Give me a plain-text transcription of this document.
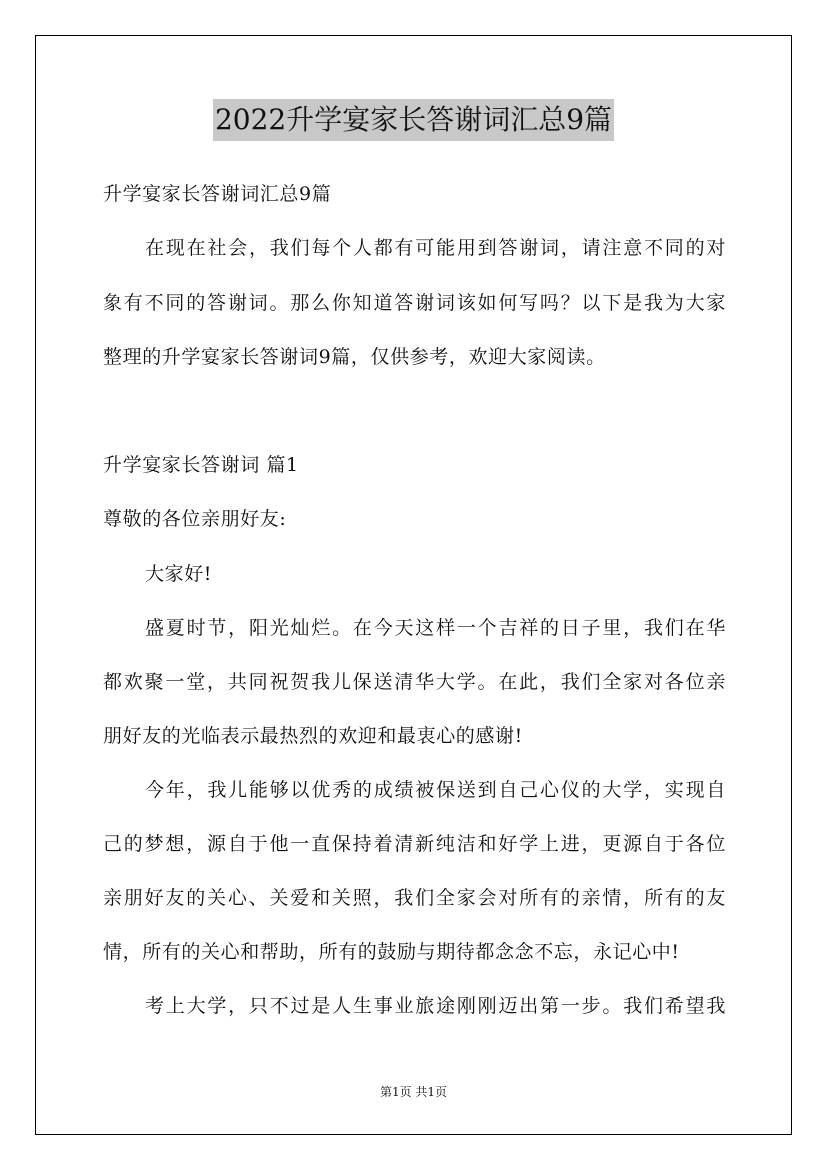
2022升学宴家长答谢词汇总9篇
升学宴家长答谢词汇总9篇
在现在社会，我们每个人都有可能用到答谢词，请注意不同的对
象有不同的答谢词。那么你知道答谢词该如何写吗？以下是我为大家
整理的升学宴家长答谢词9篇，仅供参考，欢迎大家阅读。
升学宴家长答谢词 篇1
尊敬的各位亲朋好友:
大家好!
盛夏时节，阳光灿烂。在今天这样一个吉祥的日子里，我们在华
都欢聚一堂，共同祝贺我儿保送清华大学。在此，我们全家对各位亲
朋好友的光临表示最热烈的欢迎和最衷心的感谢!
今年，我儿能够以优秀的成绩被保送到自己心仪的大学，实现自
己的梦想，源自于他一直保持着清新纯洁和好学上进，更源自于各位
亲朋好友的关心、关爱和关照，我们全家会对所有的亲情，所有的友
情，所有的关心和帮助，所有的鼓励与期待都念念不忘，永记心中!
考上大学，只不过是人生事业旅途刚刚迈出第一步。我们希望我
第1页 共1页
